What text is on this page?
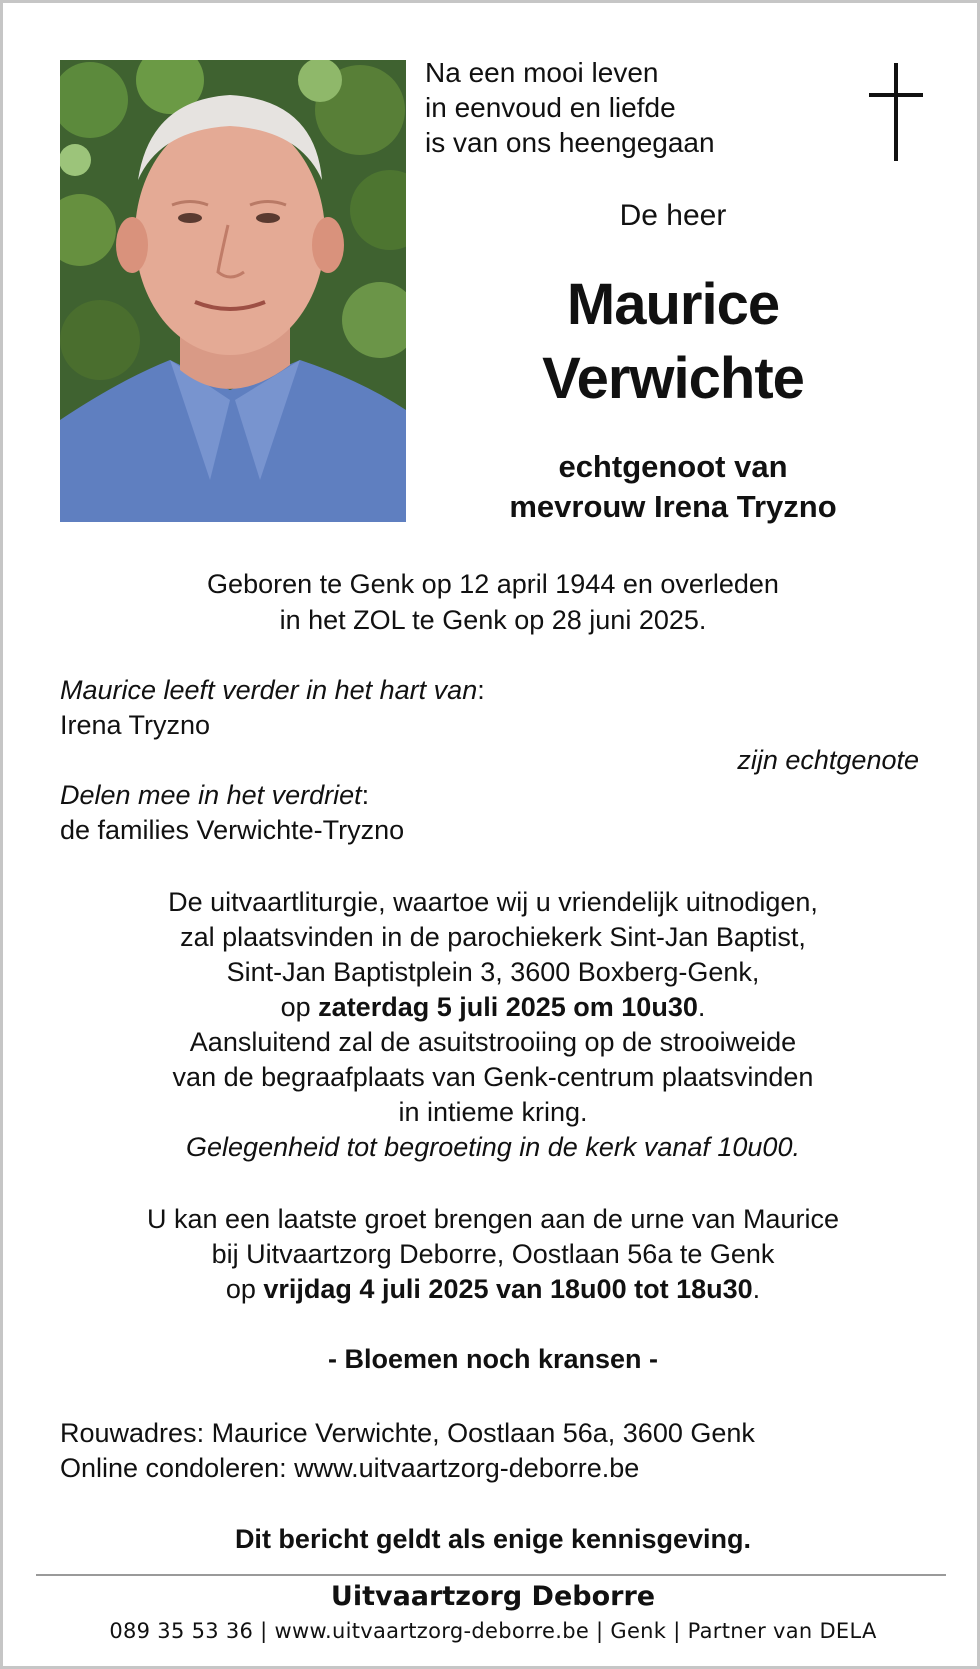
Na een mooi leven
in eenvoud en liefde
is van ons heengegaan
De heer
Maurice
Verwichte
echtgenoot van
mevrouw Irena Tryzno
Geboren te Genk op 12 april 1944 en overleden
in het ZOL te Genk op 28 juni 2025.
Maurice leeft verder in het hart van:
Irena Tryzno
zijn echtgenote
Delen mee in het verdriet:
de families Verwichte-Tryzno
De uitvaartliturgie, waartoe wij u vriendelijk uitnodigen,
zal plaatsvinden in de parochiekerk Sint-Jan Baptist,
Sint-Jan Baptistplein 3, 3600 Boxberg-Genk,
op zaterdag 5 juli 2025 om 10u30.
Aansluitend zal de asuitstrooiing op de strooiweide
van de begraafplaats van Genk-centrum plaatsvinden
in intieme kring.
Gelegenheid tot begroeting in de kerk vanaf 10u00.
U kan een laatste groet brengen aan de urne van Maurice
bij Uitvaartzorg Deborre, Oostlaan 56a te Genk
op vrijdag 4 juli 2025 van 18u00 tot 18u30.
- Bloemen noch kransen -
Rouwadres: Maurice Verwichte, Oostlaan 56a, 3600 Genk
Online condoleren: www.uitvaartzorg-deborre.be
Dit bericht geldt als enige kennisgeving.
Uitvaartzorg Deborre
089 35 53 36 | www.uitvaartzorg-deborre.be | Genk | Partner van DELA
